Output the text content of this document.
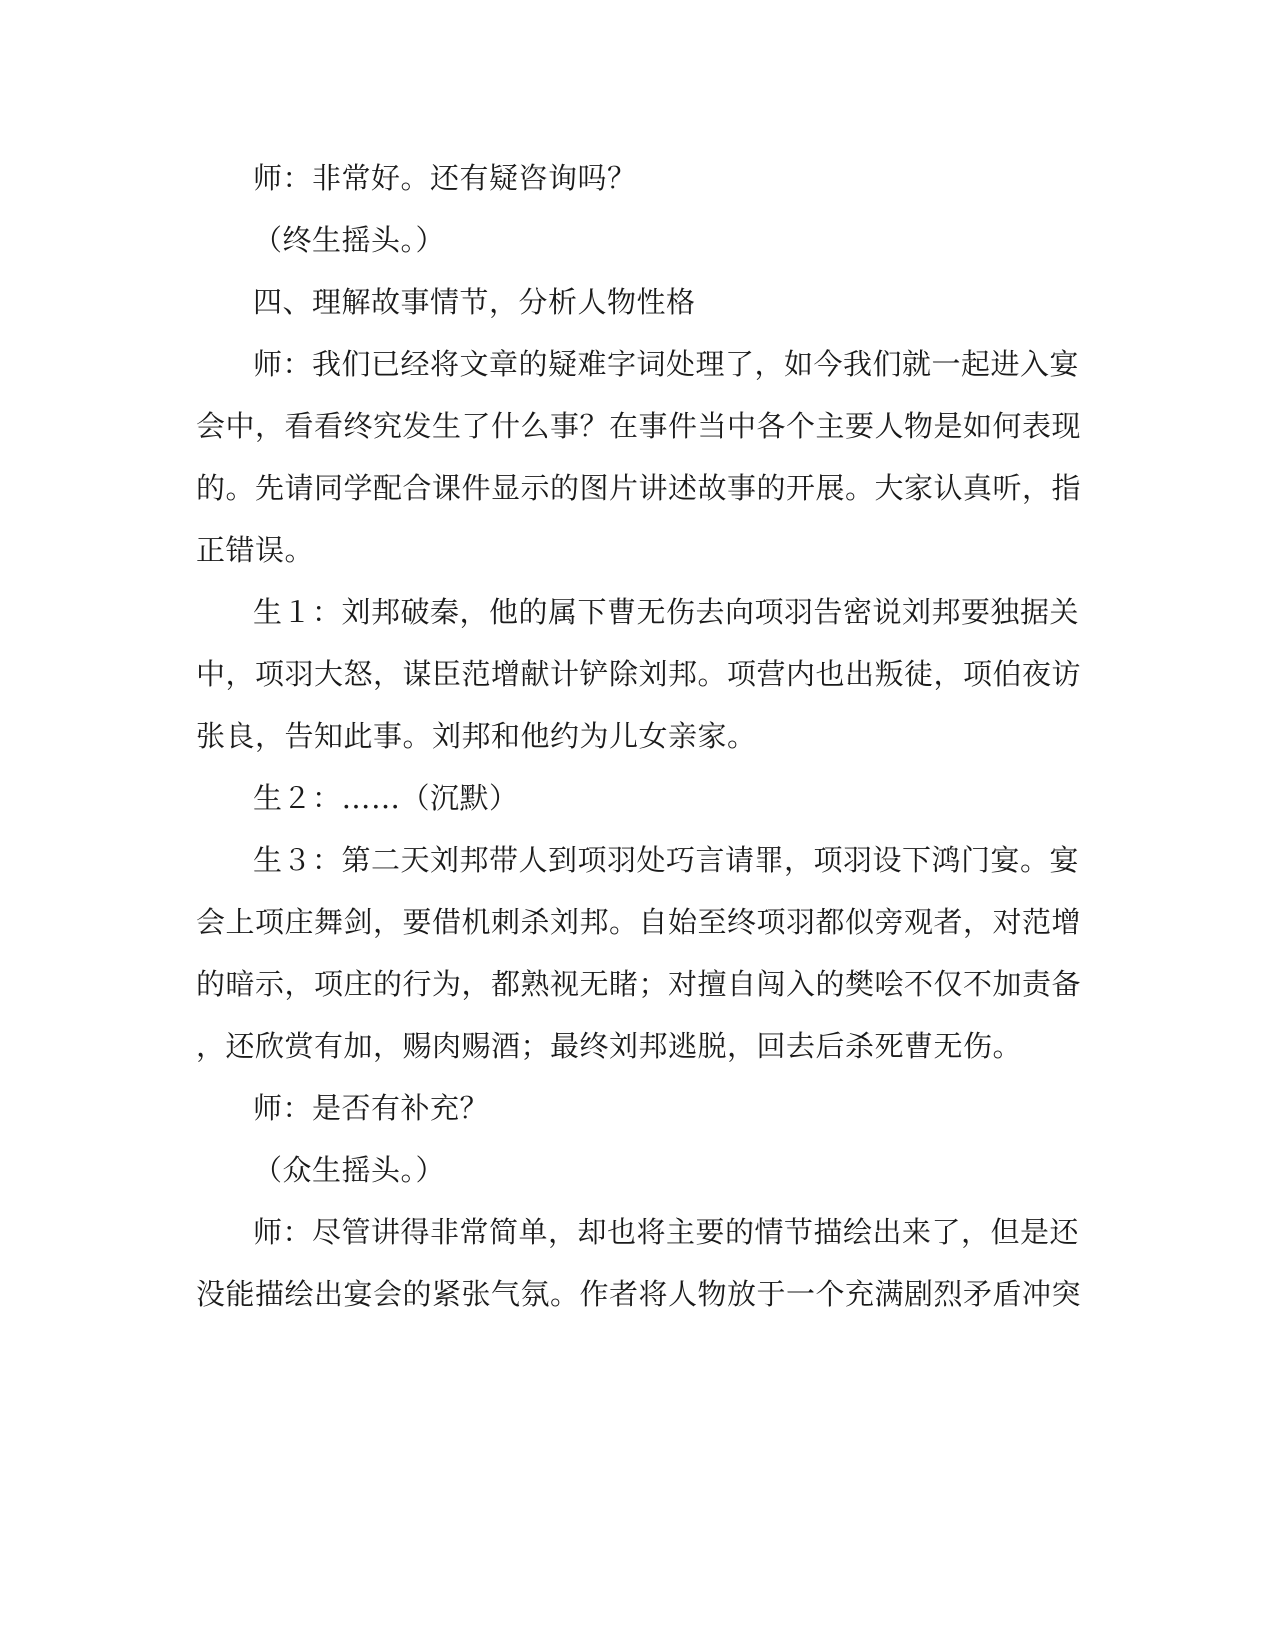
师：非常好。还有疑咨询吗？
（终生摇头。）
四、理解故事情节，分析人物性格
师：我们已经将文章的疑难字词处理了，如今我们就一起进入宴
会中，看看终究发生了什么事？在事件当中各个主要人物是如何表现
的。先请同学配合课件显示的图片讲述故事的开展。大家认真听，指
正错误。
生１：刘邦破秦，他的属下曹无伤去向项羽告密说刘邦要独据关
中，项羽大怒，谋臣范增献计铲除刘邦。项营内也出叛徒，项伯夜访
张良，告知此事。刘邦和他约为儿女亲家。
生２：……（沉默）
生３：第二天刘邦带人到项羽处巧言请罪，项羽设下鸿门宴。宴
会上项庄舞剑，要借机刺杀刘邦。自始至终项羽都似旁观者，对范增
的暗示，项庄的行为，都熟视无睹；对擅自闯入的樊哙不仅不加责备
，还欣赏有加，赐肉赐酒；最终刘邦逃脱，回去后杀死曹无伤。
师：是否有补充？
（众生摇头。）
师：尽管讲得非常简单，却也将主要的情节描绘出来了，但是还
没能描绘出宴会的紧张气氛。作者将人物放于一个充满剧烈矛盾冲突
